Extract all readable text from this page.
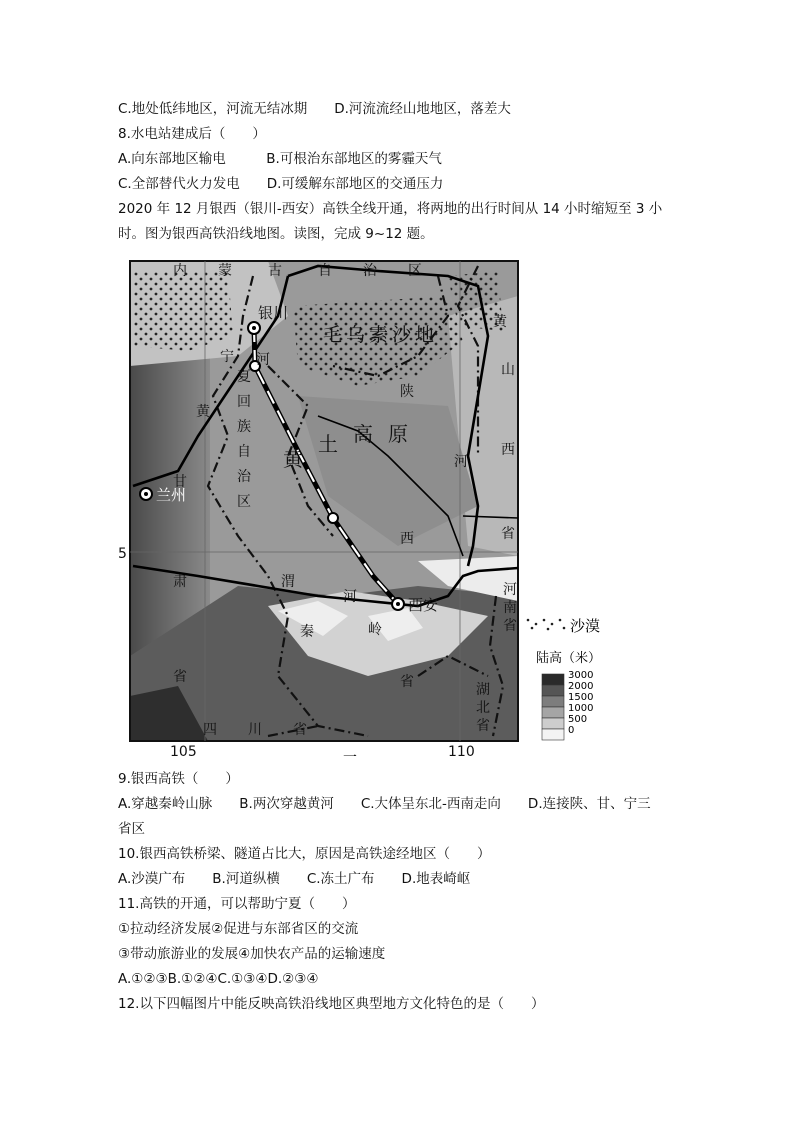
C.地处低纬地区，河流无结冰期　　D.河流流经山地地区，落差大
8.水电站建成后（　　）
A.向东部地区输电　　　B.可根治东部地区的雾霾天气
C.全部替代火力发电　　D.可缓解东部地区的交通压力
2020 年 12 月银西（银川-西安）高铁全线开通，将两地的出行时间从 14 小时缩短至 3 小
时。图为银西高铁沿线地图。读图，完成 9~12 题。
内 蒙	古	自 治 区
毛乌素沙地
宁
夏
回
族
自
治
区
黄
土 高 原
陕
西
省
甘
肃
省
黄
河
黄
河
山
西
省
渭
河
秦	岭
河
南
省
湖
北
省
四 川 省
银川
兰州
西安
105	110
5
一
沙漠
陆高（米）
3000
2000
1500
1000
500
0
9.银西高铁（　　）
A.穿越秦岭山脉　　B.两次穿越黄河　　C.大体呈东北-西南走向　　D.连接陕、甘、宁三
省区
10.银西高铁桥梁、隧道占比大，原因是高铁途经地区（　　）
A.沙漠广布　　B.河道纵横　　C.冻土广布　　D.地表崎岖
11.高铁的开通，可以帮助宁夏（　　）
①拉动经济发展②促进与东部省区的交流
③带动旅游业的发展④加快农产品的运输速度
A.①②③B.①②④C.①③④D.②③④
12.以下四幅图片中能反映高铁沿线地区典型地方文化特色的是（　　）
